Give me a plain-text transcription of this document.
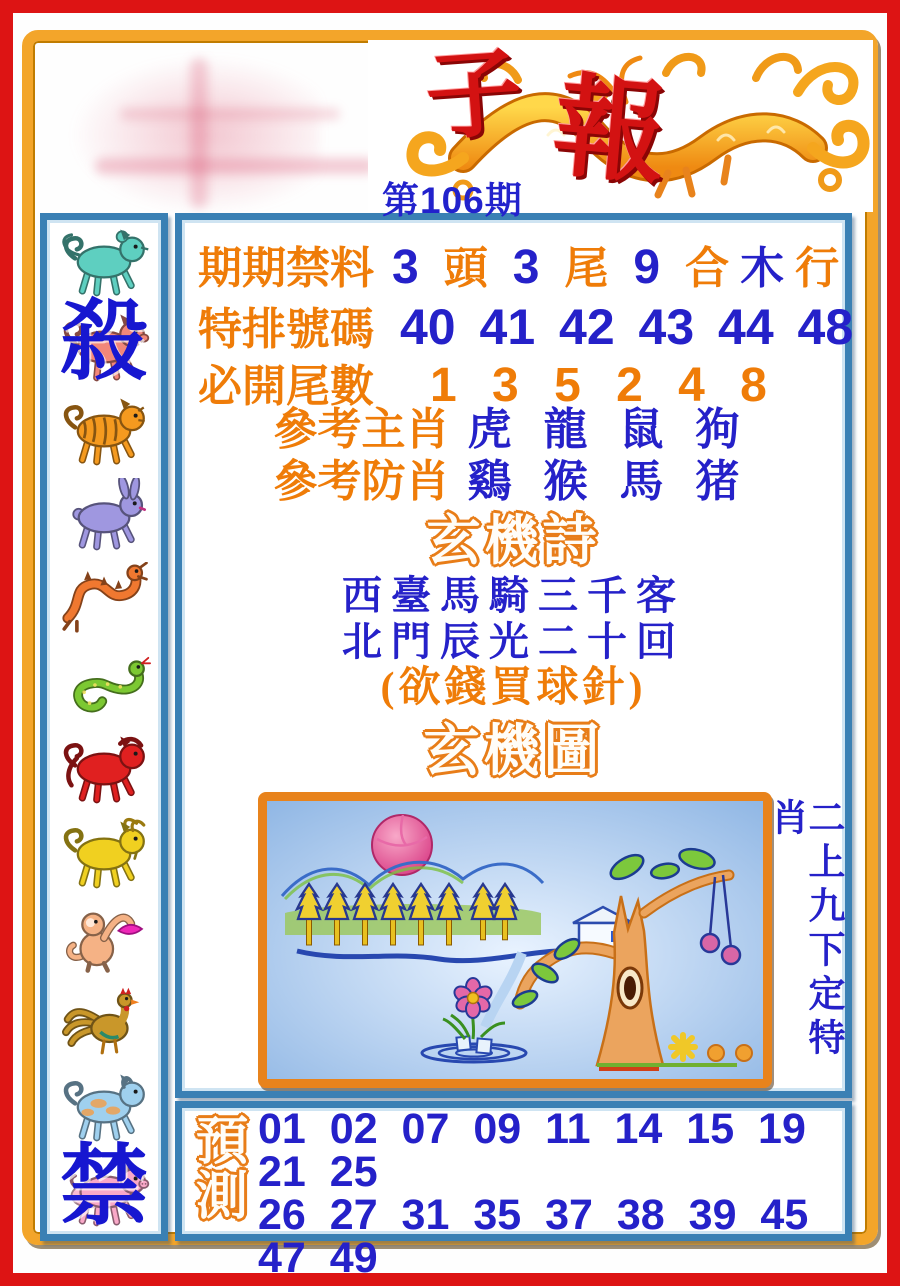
子 報
第106期
殺
禁
期期禁料 3 頭 3 尾 9 合 木 行
特排號碼 40 41 42 43 44 48
必開尾數 1 3 5 2 4 8
參考主肖 虎 龍 鼠 狗
參考防肖 鷄 猴 馬 猪
玄機詩
西臺馬騎三千客
北門辰光二十回
(欲錢買球針)
玄機圖
二上九下定特肖
預
測
01 02 07 09 11 14 15 19 21 25
26 27 31 35 37 38 39 45 47 49
